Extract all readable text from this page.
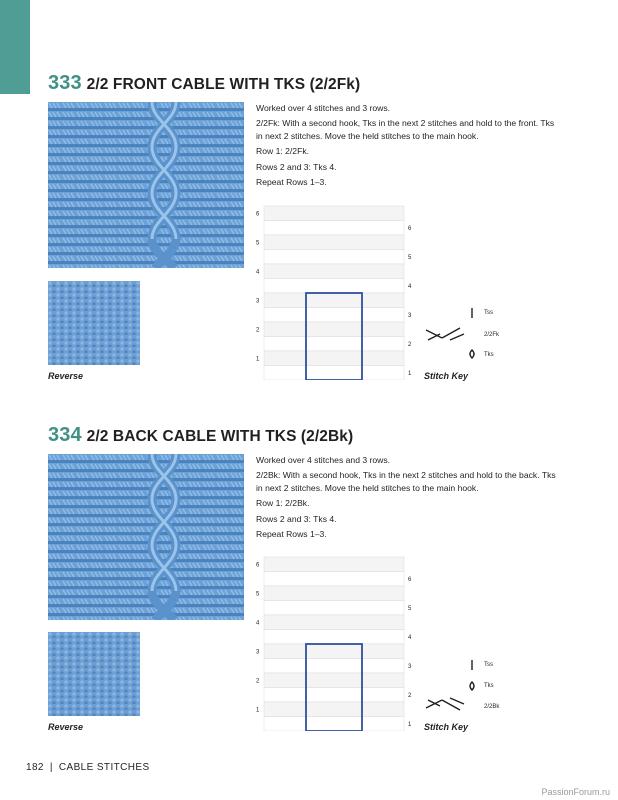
333 2/2 FRONT CABLE WITH TKS (2/2Fk)
Reverse

Worked over 4 stitches and 3 rows.

2/2Fk: With a second hook, Tks in the next 2 stitches and hold to the front. Tks in next 2 stitches. Move the held stitches to the main hook.

Row 1: 2/2Fk.

Rows 2 and 3: Tks 4.

Repeat Rows 1–3.

6
6
5
5
4
4
3
3
2
2
1
1
Tss
2/2Fk
Tks
Stitch Key
334 2/2 BACK CABLE WITH TKS (2/2Bk)
Reverse

Worked over 4 stitches and 3 rows.

2/2Bk: With a second hook, Tks in the next 2 stitches and hold to the back. Tks in next 2 stitches. Move the held stitches to the main hook.

Row 1: 2/2Bk.

Rows 2 and 3: Tks 4.

Repeat Rows 1–3.

6
6
5
5
4
4
3
3
2
2
1
1
Tss
Tks
2/2Bk
Stitch Key
182 | CABLE STITCHES
PassionForum.ru
